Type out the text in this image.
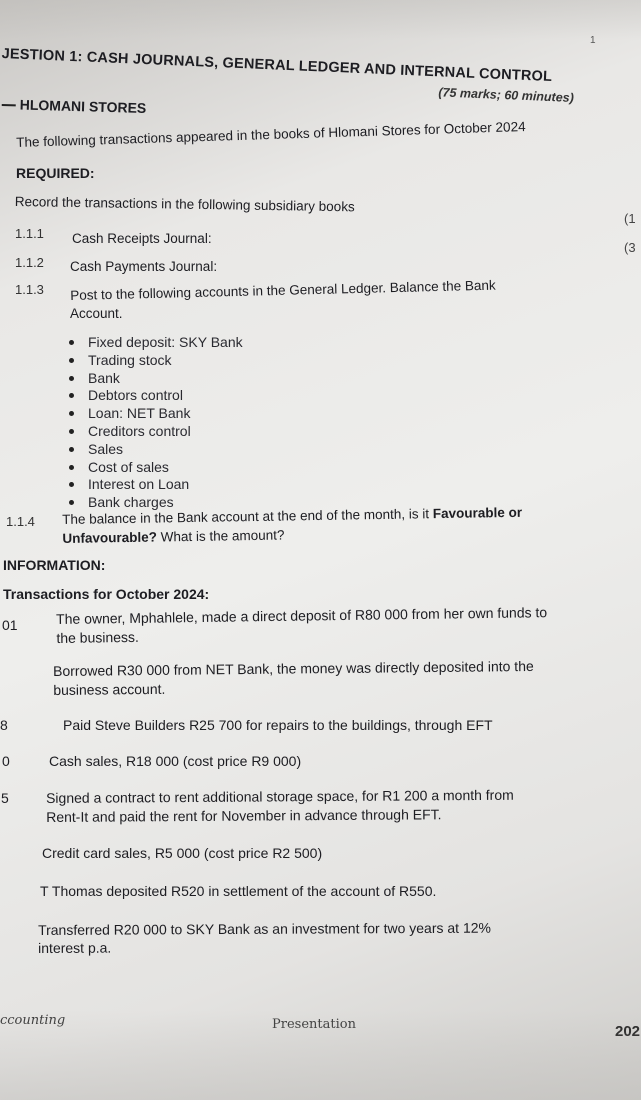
1
JESTION 1: CASH JOURNALS, GENERAL LEDGER AND INTERNAL CONTROL
(75 marks; 60 minutes)
HLOMANI STORES
The following transactions appeared in the books of Hlomani Stores for October 2024
REQUIRED:
Record the transactions in the following subsidiary books
(1
(3
1.1.1 Cash Receipts Journal:
1.1.2 Cash Payments Journal:
1.1.3 Post to the following accounts in the General Ledger. Balance the Bank
Account.
Fixed deposit: SKY Bank
Trading stock
Bank
Debtors control
Loan: NET Bank
Creditors control
Sales
Cost of sales
Interest on Loan
Bank charges
1.1.4 The balance in the Bank account at the end of the month, is it Favourable or
Unfavourable? What is the amount?
INFORMATION:
Transactions for October 2024:
01	The owner, Mphahlele, made a direct deposit of R80 000 from her own funds to
the business.
Borrowed R30 000 from NET Bank, the money was directly deposited into the
business account.
8	Paid Steve Builders R25 700 for repairs to the buildings, through EFT
0	Cash sales, R18 000 (cost price R9 000)
5	Signed a contract to rent additional storage space, for R1 200 a month from
Rent-It and paid the rent for November in advance through EFT.
Credit card sales, R5 000 (cost price R2 500)
T Thomas deposited R520 in settlement of the account of R550.
Transferred R20 000 to SKY Bank as an investment for two years at 12%
interest p.a.
ccounting	Presentation	202
